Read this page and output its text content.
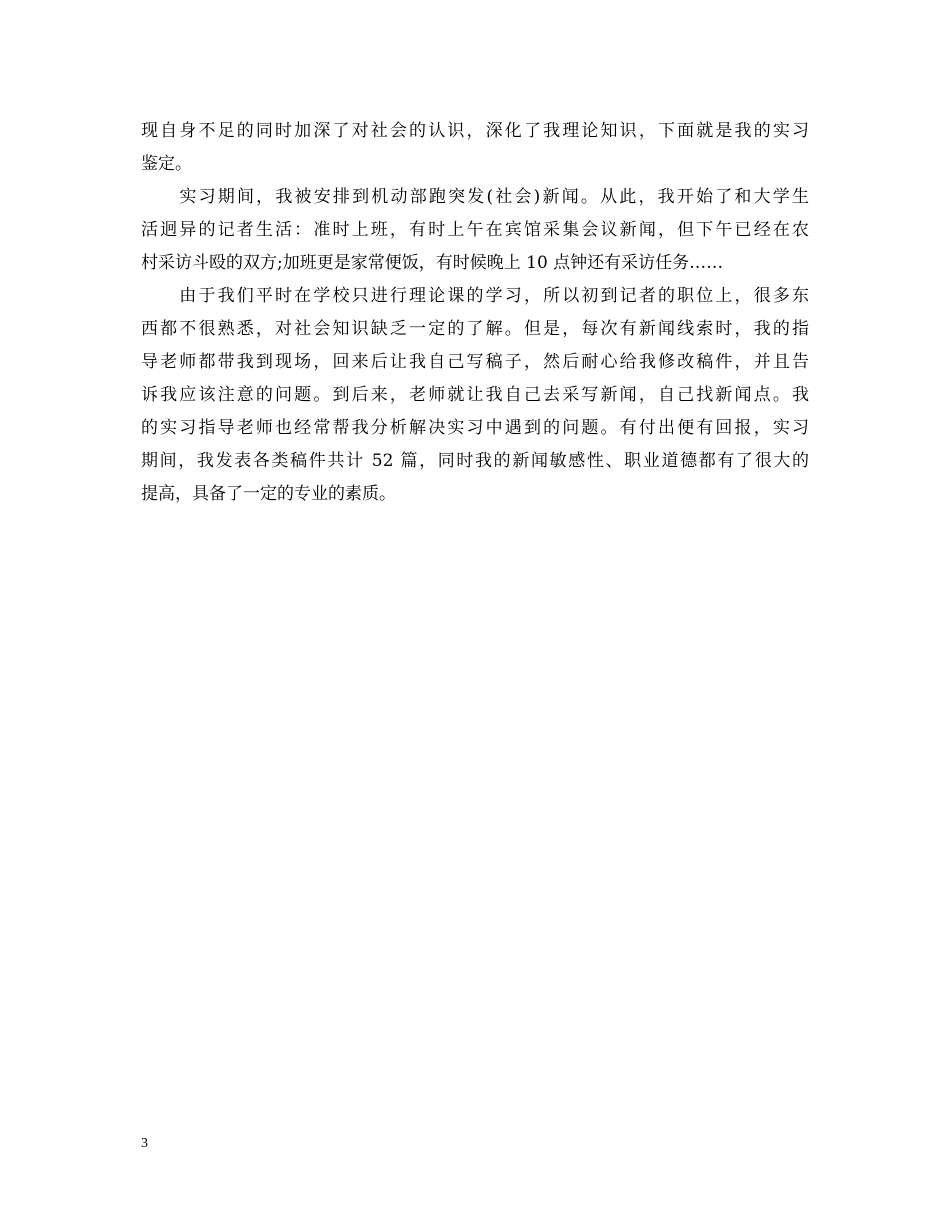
现自身不足的同时加深了对社会的认识，深化了我理论知识，下面就是我的实习
鉴定。
　　实习期间，我被安排到机动部跑突发(社会)新闻。从此，我开始了和大学生
活迥异的记者生活：准时上班，有时上午在宾馆采集会议新闻，但下午已经在农
村采访斗殴的双方;加班更是家常便饭，有时候晚上 10 点钟还有采访任务……
　　由于我们平时在学校只进行理论课的学习，所以初到记者的职位上，很多东
西都不很熟悉，对社会知识缺乏一定的了解。但是，每次有新闻线索时，我的指
导老师都带我到现场，回来后让我自己写稿子，然后耐心给我修改稿件，并且告
诉我应该注意的问题。到后来，老师就让我自己去采写新闻，自己找新闻点。我
的实习指导老师也经常帮我分析解决实习中遇到的问题。有付出便有回报，实习
期间，我发表各类稿件共计 52 篇，同时我的新闻敏感性、职业道德都有了很大的
提高，具备了一定的专业的素质。
3
